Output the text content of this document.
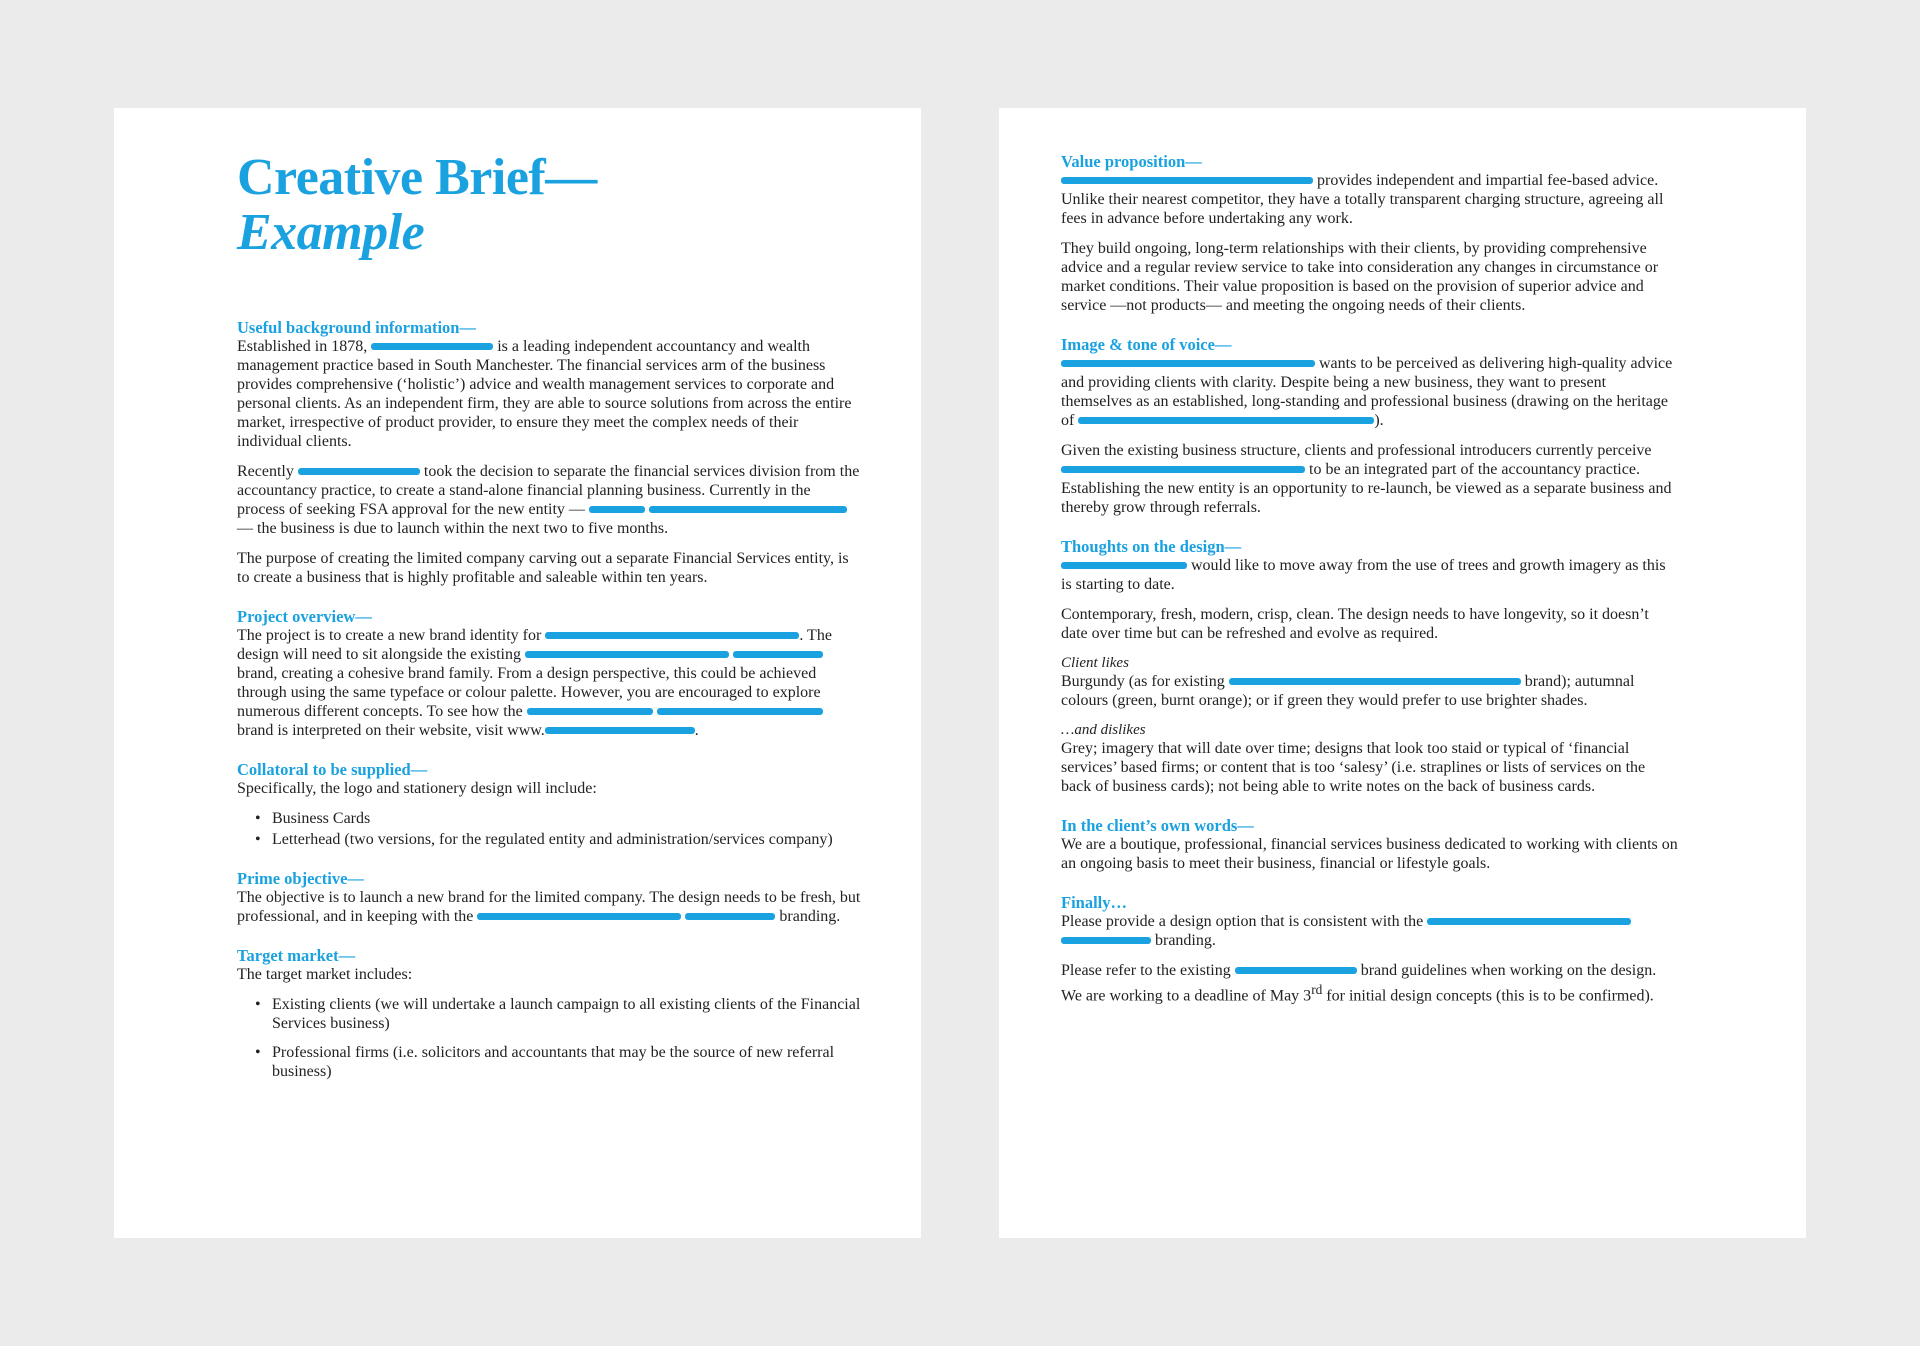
Creative Brief—
Example
Useful background information—

Established in 1878,	is a leading independent accountancy and wealth management practice based in South Manchester. The financial services arm of the business provides comprehensive (‘holistic’) advice and wealth management services to corporate and personal clients. As an independent firm, they are able to source solutions from across the entire market, irrespective of product provider, to ensure they meet the complex needs of their individual clients.

Recently	took the decision to separate the financial services division from the accountancy practice, to create a stand-alone financial planning business. Currently in the process of seeking FSA approval for the new entity —   — the business is due to launch within the next two to five months.

The purpose of creating the limited company carving out a separate Financial Services entity, is to create a business that is highly profitable and saleable within ten years.

Project overview—

The project is to create a new brand identity for	. The design will need to sit alongside the existing   brand, creating a cohesive brand family. From a design perspective, this could be achieved through using the same typeface or colour palette. However, you are encouraged to explore numerous different concepts. To see how the   brand is interpreted on their website, visit www.	.

Collatoral to be supplied—

Specifically, the logo and stationery design will include:

• Business Cards
• Letterhead (two versions, for the regulated entity and administration/services company)
Prime objective—

The objective is to launch a new brand for the limited company. The design needs to be fresh, but professional, and in keeping with the	branding.

Target market—

The target market includes:

• Existing clients (we will undertake a launch campaign to all existing clients of the Financial Services business)
• Professional firms (i.e. solicitors and accountants that may be the source of new referral business)
Value proposition—

provides independent and impartial fee-based advice. Unlike their nearest competitor, they have a totally transparent charging structure, agreeing all fees in advance before undertaking any work.

They build ongoing, long-term relationships with their clients, by providing comprehensive advice and a regular review service to take into consideration any changes in circumstance or market conditions. Their value proposition is based on the provision of superior advice and service —not products— and meeting the ongoing needs of their clients.

Image & tone of voice—

wants to be perceived as delivering high-quality advice and providing clients with clarity. Despite being a new business, they want to present themselves as an established, long-standing and professional business (drawing on the heritage of	).

Given the existing business structure, clients and professional introducers currently perceive  to be an integrated part of the accountancy practice. Establishing the new entity is an opportunity to re-launch, be viewed as a separate business and thereby grow through referrals.

Thoughts on the design—

would like to move away from the use of trees and growth imagery as this is starting to date.

Contemporary, fresh, modern, crisp, clean. The design needs to have longevity, so it doesn’t date over time but can be refreshed and evolve as required.

Client likes

Burgundy (as for existing	brand); autumnal colours (green, burnt orange); or if green they would prefer to use brighter shades.

…and dislikes

Grey; imagery that will date over time; designs that look too staid or typical of ‘financial services’ based firms; or content that is too ‘salesy’ (i.e. straplines or lists of services on the back of business cards); not being able to write notes on the back of business cards.

In the client’s own words—

We are a boutique, professional, financial services business dedicated to working with clients on an ongoing basis to meet their business, financial or lifestyle goals.

Finally…

Please provide a design option that is consistent with the   branding.

Please refer to the existing	brand guidelines when working on the design. We are working to a deadline of May 3rd for initial design concepts (this is to be confirmed).
